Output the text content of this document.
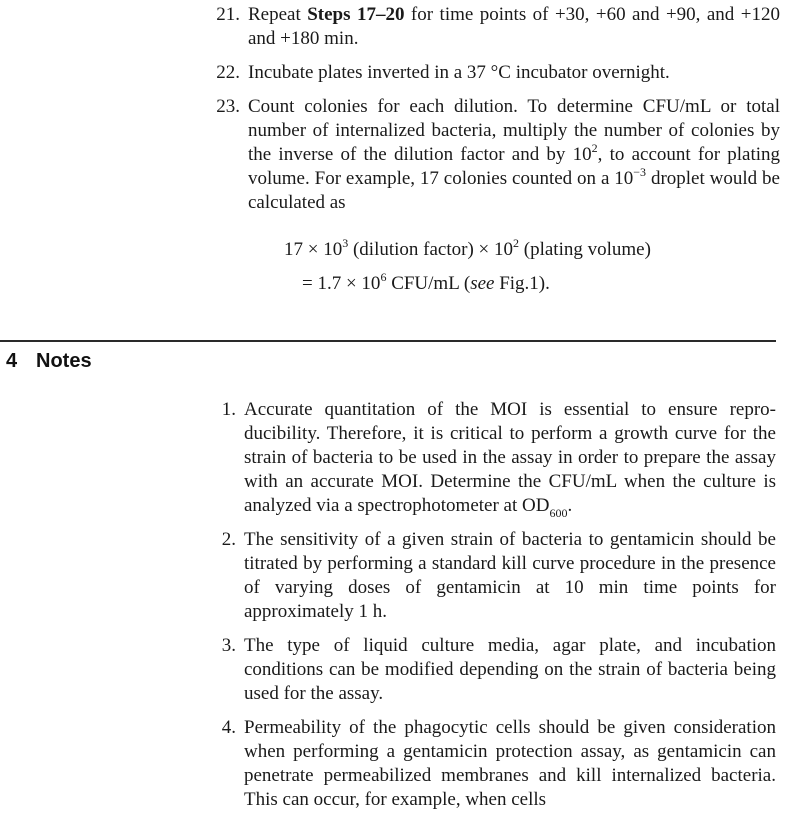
21. Repeat Steps 17–20 for time points of +30, +60 and +90, and +120 and +180 min.
22. Incubate plates inverted in a 37 °C incubator overnight.
23. Count colonies for each dilution. To determine CFU/mL or total number of internalized bacteria, multiply the number of colonies by the inverse of the dilution factor and by $10^2$, to account for plating volume. For example, 17 colonies counted on a $10^{-3}$ droplet would be calculated as
$17 \times 10^3$ (dilution factor) × $10^2$ (plating volume)
= $1.7 \times 10^6$ CFU/mL (see Fig.1).
4 Notes
1. Accurate quantitation of the MOI is essential to ensure reproducibility. Therefore, it is critical to perform a growth curve for the strain of bacteria to be used in the assay in order to prepare the assay with an accurate MOI. Determine the CFU/mL when the culture is analyzed via a spectrophotometer at $OD_{600}$.
2. The sensitivity of a given strain of bacteria to gentamicin should be titrated by performing a standard kill curve procedure in the presence of varying doses of gentamicin at 10 min time points for approximately 1 h.
3. The type of liquid culture media, agar plate, and incubation conditions can be modified depending on the strain of bacteria being used for the assay.
4. Permeability of the phagocytic cells should be given consideration when performing a gentamicin protection assay, as gentamicin can penetrate permeabilized membranes and kill internalized bacteria. This can occur, for example, when cells
